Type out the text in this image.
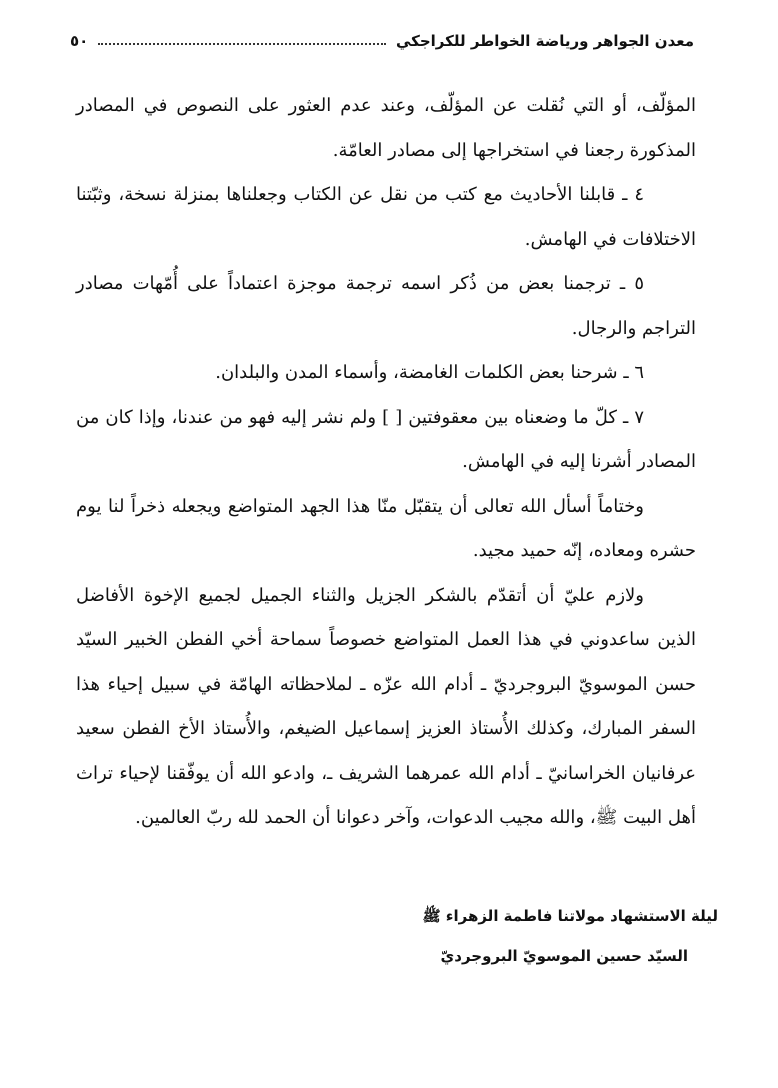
معدن الجواهر ورياضة الخواطر للكراجكي
٥٠

المؤلّف، أو التي نُقلت عن المؤلّف، وعند عدم العثور على النصوص في المصادر المذكورة رجعنا في استخراجها إلى مصادر العامّة.

٤ ـ قابلنا الأحاديث مع كتب من نقل عن الكتاب وجعلناها بمنزلة نسخة، وثبّتنا الاختلافات في الهامش.

٥ ـ ترجمنا بعض من ذُكر اسمه ترجمة موجزة اعتماداً على أُمّهات مصادر التراجم والرجال.

٦ ـ شرحنا بعض الكلمات الغامضة، وأسماء المدن والبلدان.

٧ ـ كلّ ما وضعناه بين معقوفتين [ ] ولم نشر إليه فهو من عندنا، وإذا كان من المصادر أشرنا إليه في الهامش.

وختاماً أسأل الله تعالى أن يتقبّل منّا هذا الجهد المتواضع ويجعله ذخراً لنا يوم حشره ومعاده، إنّه حميد مجيد.

ولازم عليّ أن أتقدّم بالشكر الجزيل والثناء الجميل لجميع الإخوة الأفاضل الذين ساعدوني في هذا العمل المتواضع خصوصاً سماحة أخي الفطن الخبير السيّد حسن الموسويّ البروجرديّ ـ أدام الله عزّه ـ لملاحظاته الهامّة في سبيل إحياء هذا السفر المبارك، وكذلك الأُستاذ العزيز إسماعيل الضيغم، والأُستاذ الأخ الفطن سعيد عرفانيان الخراسانيّ ـ أدام الله عمرهما الشريف ـ، وادعو الله أن يوفّقنا لإحياء تراث أهل البيت ﷺ، والله مجيب الدعوات، وآخر دعوانا أن الحمد لله ربّ العالمين.

ليلة الاستشهاد مولاتنا فاطمة الزهراء ﷺ

السيّد حسين الموسويّ البروجرديّ
